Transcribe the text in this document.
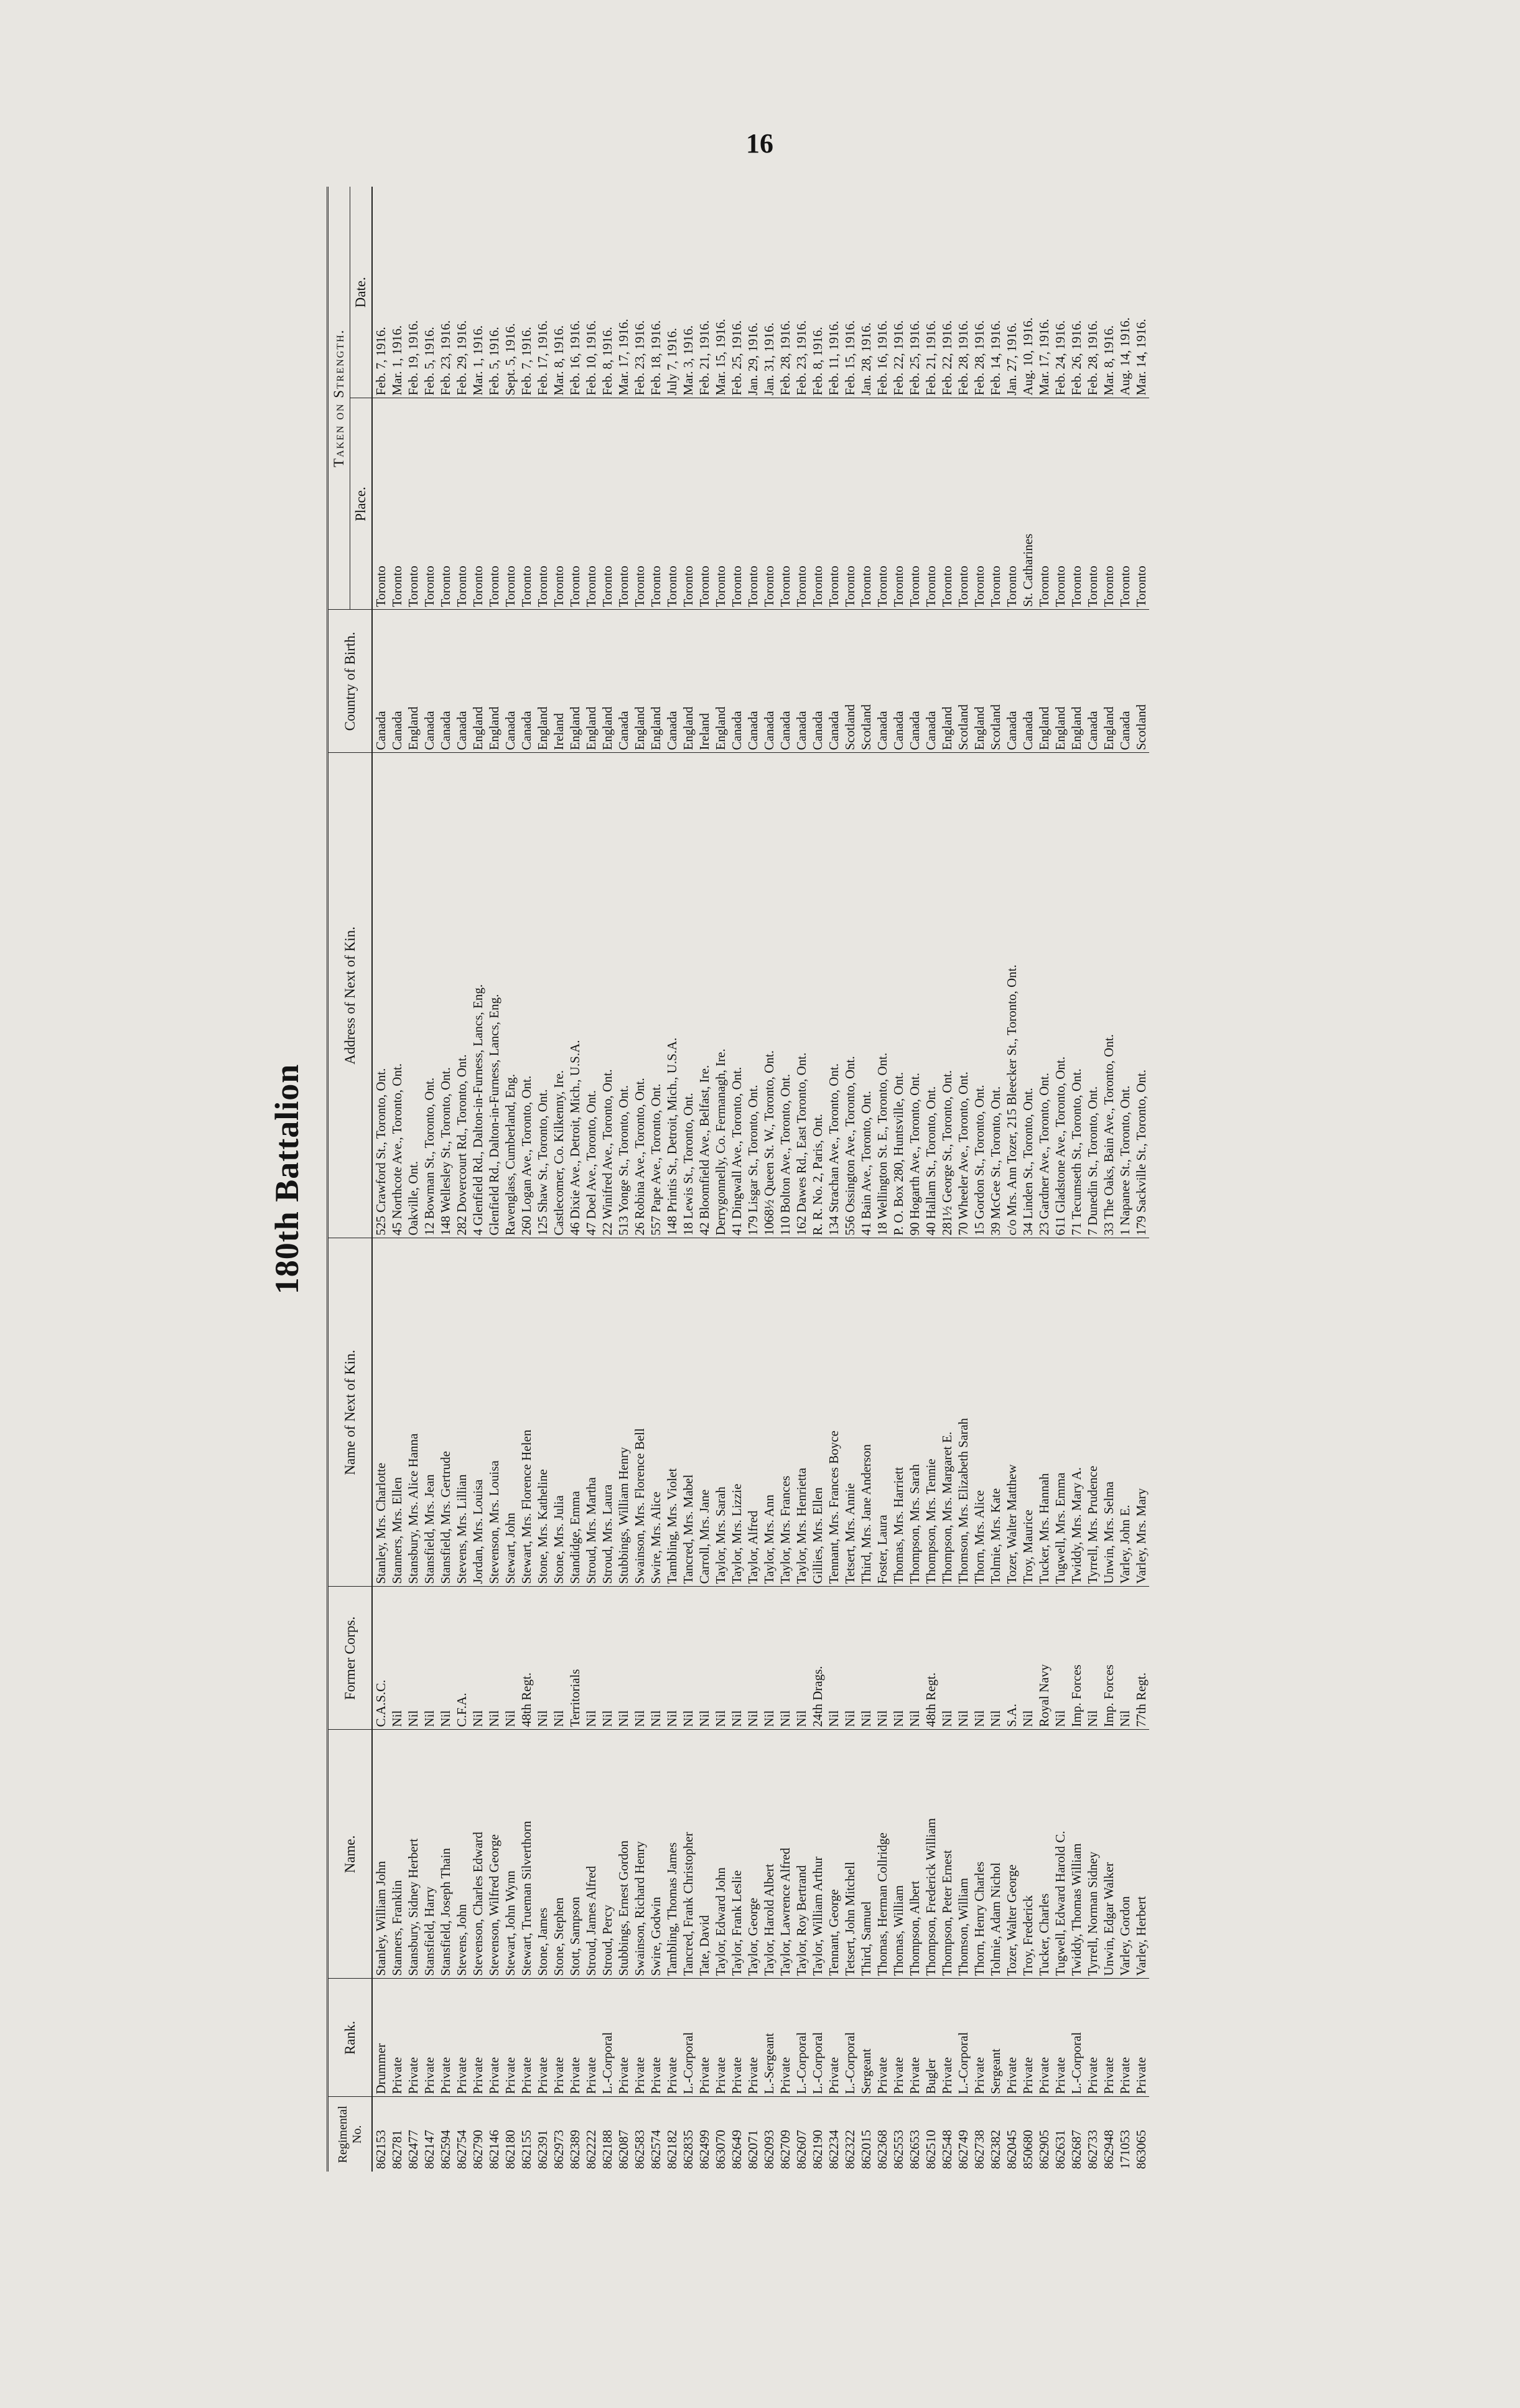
16
180th Battalion
Regimental No.	Rank.	Name.	Former Corps.	Name of Next of Kin.	Address of Next of Kin.	Country of Birth.	Taken on Strength.	
							Place.	Date.
862153	Drummer	Stanley, William John	C.A.S.C.	Stanley, Mrs. Charlotte	525 Crawford St., Toronto, Ont.	Canada	Toronto	Feb. 7, 1916.
862781	Private	Stanners, Franklin	Nil	Stanners, Mrs. Ellen	45 Northcote Ave., Toronto, Ont.	Canada	Toronto	Mar. 1, 1916.
862477	Private	Stansbury, Sidney Herbert	Nil	Stansbury, Mrs. Alice Hanna	Oakville, Ont.	England	Toronto	Feb. 19, 1916.
862147	Private	Stansfield, Harry	Nil	Stansfield, Mrs. Jean	12 Bowman St., Toronto, Ont.	Canada	Toronto	Feb. 5, 1916.
862594	Private	Stansfield, Joseph Thain	Nil	Stansfield, Mrs. Gertrude	148 Wellesley St., Toronto, Ont.	Canada	Toronto	Feb. 23, 1916.
862754	Private	Stevens, John	C.F.A.	Stevens, Mrs. Lillian	282 Dovercourt Rd., Toronto, Ont.	Canada	Toronto	Feb. 29, 1916.
862790	Private	Stevenson, Charles Edward	Nil	Jordan, Mrs. Louisa	4 Glenfield Rd., Dalton-in-Furness, Lancs, Eng.	England	Toronto	Mar. 1, 1916.
862146	Private	Stevenson, Wilfred George	Nil	Stevenson, Mrs. Louisa	Glenfield Rd., Dalton-in-Furness, Lancs, Eng.	England	Toronto	Feb. 5, 1916.
862180	Private	Stewart, John Wynn	Nil	Stewart, John	Ravenglass, Cumberland, Eng.	Canada	Toronto	Sept. 5, 1916.
862155	Private	Stewart, Trueman Silverthorn	48th Regt.	Stewart, Mrs. Florence Helen	260 Logan Ave., Toronto, Ont.	Canada	Toronto	Feb. 7, 1916.
862391	Private	Stone, James	Nil	Stone, Mrs. Katheline	125 Shaw St., Toronto, Ont.	England	Toronto	Feb. 17, 1916.
862973	Private	Stone, Stephen	Nil	Stone, Mrs. Julia	Castlecomer, Co. Kilkenny, Ire.	Ireland	Toronto	Mar. 8, 1916.
862389	Private	Stott, Sampson	Territorials	Standidge, Emma	46 Dixie Ave., Detroit, Mich., U.S.A.	England	Toronto	Feb. 16, 1916.
862222	Private	Stroud, James Alfred	Nil	Stroud, Mrs. Martha	47 Doel Ave., Toronto, Ont.	England	Toronto	Feb. 10, 1916.
862188	L.-Corporal	Stroud, Percy	Nil	Stroud, Mrs. Laura	22 Winifred Ave., Toronto, Ont.	England	Toronto	Feb. 8, 1916.
862087	Private	Stubbings, Ernest Gordon	Nil	Stubbings, William Henry	513 Yonge St., Toronto, Ont.	Canada	Toronto	Mar. 17, 1916.
862583	Private	Swainson, Richard Henry	Nil	Swainson, Mrs. Florence Bell	26 Robina Ave., Toronto, Ont.	England	Toronto	Feb. 23, 1916.
862574	Private	Swire, Godwin	Nil	Swire, Mrs. Alice	557 Pape Ave., Toronto, Ont.	England	Toronto	Feb. 18, 1916.
862182	Private	Tambling, Thomas James	Nil	Tambling, Mrs. Violet	148 Printis St., Detroit, Mich., U.S.A.	Canada	Toronto	July 7, 1916.
862835	L.-Corporal	Tancred, Frank Christopher	Nil	Tancred, Mrs. Mabel	18 Lewis St., Toronto, Ont.	England	Toronto	Mar. 3, 1916.
862499	Private	Tate, David	Nil	Carroll, Mrs. Jane	42 Bloomfield Ave., Belfast, Ire.	Ireland	Toronto	Feb. 21, 1916.
863070	Private	Taylor, Edward John	Nil	Taylor, Mrs. Sarah	Derrygonnelly, Co. Fermanagh, Ire.	England	Toronto	Mar. 15, 1916.
862649	Private	Taylor, Frank Leslie	Nil	Taylor, Mrs. Lizzie	41 Dingwall Ave., Toronto, Ont.	Canada	Toronto	Feb. 25, 1916.
862071	Private	Taylor, George	Nil	Taylor, Alfred	179 Lisgar St., Toronto, Ont.	Canada	Toronto	Jan. 29, 1916.
862093	L.-Sergeant	Taylor, Harold Albert	Nil	Taylor, Mrs. Ann	1068½ Queen St. W., Toronto, Ont.	Canada	Toronto	Jan. 31, 1916.
862709	Private	Taylor, Lawrence Alfred	Nil	Taylor, Mrs. Frances	110 Bolton Ave., Toronto, Ont.	Canada	Toronto	Feb. 28, 1916.
862607	L.-Corporal	Taylor, Roy Bertrand	Nil	Taylor, Mrs. Henrietta	162 Dawes Rd., East Toronto, Ont.	Canada	Toronto	Feb. 23, 1916.
862190	L.-Corporal	Taylor, William Arthur	24th Drags.	Gillies, Mrs. Ellen	R. R. No. 2, Paris, Ont.	Canada	Toronto	Feb. 8, 1916.
862234	Private	Tennant, George	Nil	Tennant, Mrs. Frances Boyce	134 Strachan Ave., Toronto, Ont.	Canada	Toronto	Feb. 11, 1916.
862322	L.-Corporal	Tetsert, John Mitchell	Nil	Tetsert, Mrs. Annie	556 Ossington Ave., Toronto, Ont.	Scotland	Toronto	Feb. 15, 1916.
862015	Sergeant	Third, Samuel	Nil	Third, Mrs. Jane Anderson	41 Bain Ave., Toronto, Ont.	Scotland	Toronto	Jan. 28, 1916.
862368	Private	Thomas, Herman Collridge	Nil	Foster, Laura	18 Wellington St. E., Toronto, Ont.	Canada	Toronto	Feb. 16, 1916.
862553	Private	Thomas, William	Nil	Thomas, Mrs. Harriett	P. O. Box 280, Huntsville, Ont.	Canada	Toronto	Feb. 22, 1916.
862653	Private	Thompson, Albert	Nil	Thompson, Mrs. Sarah	90 Hogarth Ave., Toronto, Ont.	Canada	Toronto	Feb. 25, 1916.
862510	Bugler	Thompson, Frederick William	48th Regt.	Thompson, Mrs. Tennie	40 Hallam St., Toronto, Ont.	Canada	Toronto	Feb. 21, 1916.
862548	Private	Thompson, Peter Ernest	Nil	Thompson, Mrs. Margaret E.	281½ George St., Toronto, Ont.	England	Toronto	Feb. 22, 1916.
862749	L.-Corporal	Thomson, William	Nil	Thomson, Mrs. Elizabeth Sarah	70 Wheeler Ave., Toronto, Ont.	Scotland	Toronto	Feb. 28, 1916.
862738	Private	Thorn, Henry Charles	Nil	Thorn, Mrs. Alice	15 Gordon St., Toronto, Ont.	England	Toronto	Feb. 28, 1916.
862382	Sergeant	Tolmie, Adam Nichol	Nil	Tolmie, Mrs. Kate	39 McGee St., Toronto, Ont.	Scotland	Toronto	Feb. 14, 1916.
862045	Private	Tozer, Walter George	S.A.	Tozer, Walter Matthew	c/o Mrs. Ann Tozer, 215 Bleecker St., Toronto, Ont.	Canada	Toronto	Jan. 27, 1916.
850680	Private	Troy, Frederick	Nil	Troy, Maurice	34 Linden St., Toronto, Ont.	Canada	St. Catharines	Aug. 10, 1916.
862905	Private	Tucker, Charles	Royal Navy	Tucker, Mrs. Hannah	23 Gardner Ave., Toronto, Ont.	England	Toronto	Mar. 17, 1916.
862631	Private	Tugwell, Edward Harold C.	Nil	Tugwell, Mrs. Emma	611 Gladstone Ave., Toronto, Ont.	England	Toronto	Feb. 24, 1916.
862687	L.-Corporal	Twiddy, Thomas William	Imp. Forces	Twiddy, Mrs. Mary A.	71 Tecumseth St., Toronto, Ont.	England	Toronto	Feb. 26, 1916.
862733	Private	Tyrrell, Norman Sidney	Nil	Tyrrell, Mrs. Prudence	7 Dunedin St., Toronto, Ont.	Canada	Toronto	Feb. 28, 1916.
862948	Private	Unwin, Edgar Walker	Imp. Forces	Unwin, Mrs. Selma	33 The Oaks, Bain Ave., Toronto, Ont.	England	Toronto	Mar. 8, 1916.
171053	Private	Varley, Gordon	Nil	Varley, John E.	1 Napanee St., Toronto, Ont.	Canada	Toronto	Aug. 14, 1916.
863065	Private	Varley, Herbert	77th Regt.	Varley, Mrs. Mary	179 Sackville St., Toronto, Ont.	Scotland	Toronto	Mar. 14, 1916.
